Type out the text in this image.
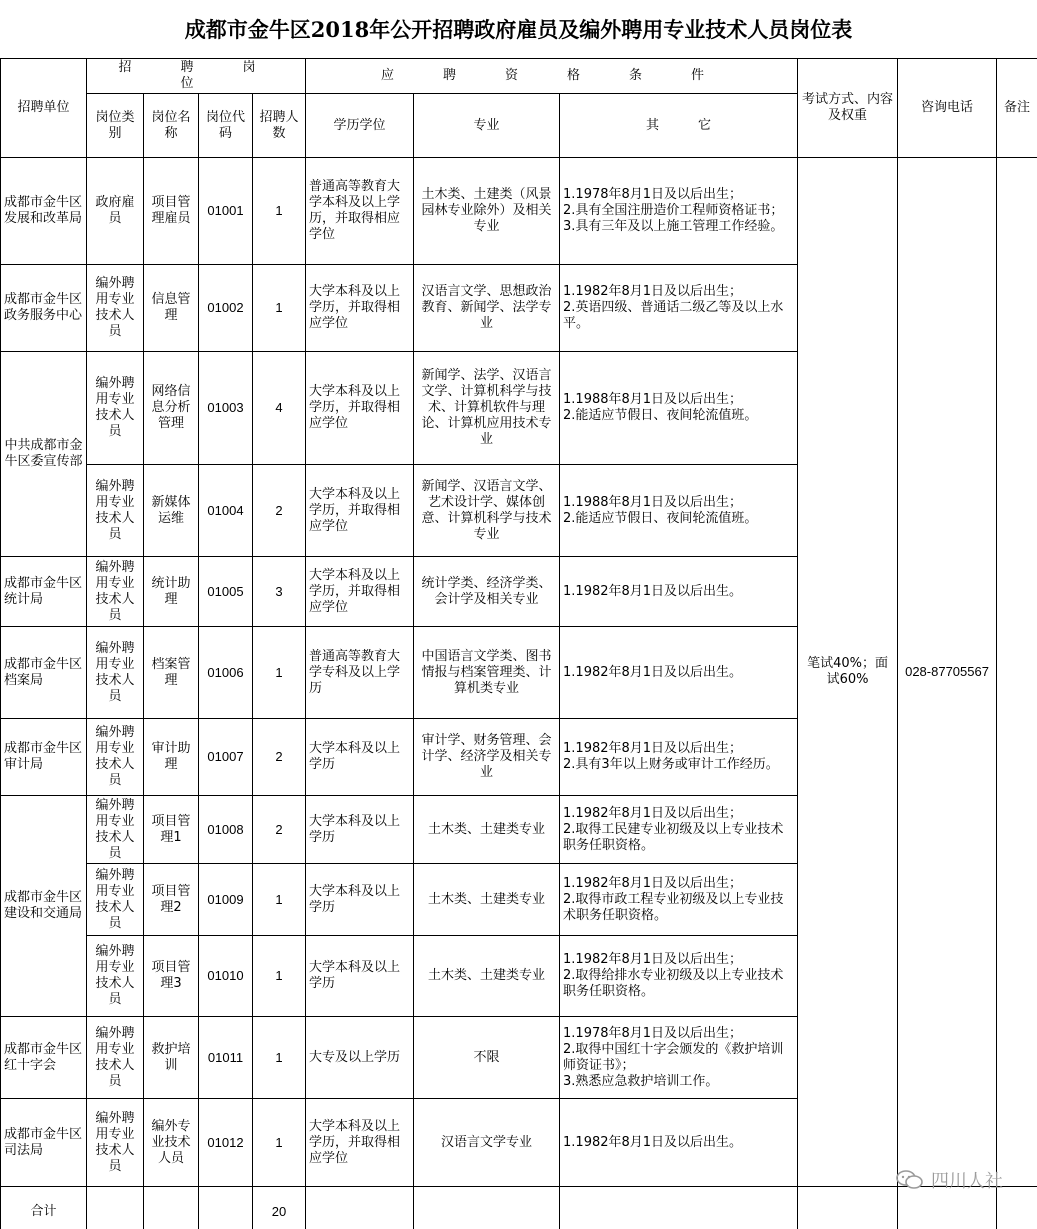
成都市金牛区2018年公开招聘政府雇员及编外聘用专业技术人员岗位表
招聘单位	招　聘　岗　位				应　聘　资　格　条　件			考试方式、内容及权重	咨询电话	备注
	岗位类别	岗位名称	岗位代码	招聘人数	学历学位	专业	其　　　它			
成都市金牛区发展和改革局	政府雇员	项目管理雇员	01001	1	普通高等教育大学本科及以上学历，并取得相应学位	土木类、土建类（风景园林专业除外）及相关专业	1.1978年8月1日及以后出生；
2.具有全国注册造价工程师资格证书；
3.具有三年及以上施工管理工作经验。	笔试40%；面试60%	028-87705567	
成都市金牛区政务服务中心	编外聘用专业技术人员	信息管理	01002	1	大学本科及以上学历，并取得相应学位	汉语言文学、思想政治教育、新闻学、法学专业	1.1982年8月1日及以后出生；
2.英语四级、普通话二级乙等及以上水平。			
中共成都市金牛区委宣传部	编外聘用专业技术人员	网络信息分析管理	01003	4	大学本科及以上学历，并取得相应学位	新闻学、法学、汉语言文学、计算机科学与技术、计算机软件与理论、计算机应用技术专业	1.1988年8月1日及以后出生；
2.能适应节假日、夜间轮流值班。			
	编外聘用专业技术人员	新媒体运维	01004	2	大学本科及以上学历，并取得相应学位	新闻学、汉语言文学、艺术设计学、媒体创意、计算机科学与技术专业	1.1988年8月1日及以后出生；
2.能适应节假日、夜间轮流值班。			
成都市金牛区统计局	编外聘用专业技术人员	统计助理	01005	3	大学本科及以上学历，并取得相应学位	统计学类、经济学类、会计学及相关专业	1.1982年8月1日及以后出生。			
成都市金牛区档案局	编外聘用专业技术人员	档案管理	01006	1	普通高等教育大学专科及以上学历	中国语言文学类、图书情报与档案管理类、计算机类专业	1.1982年8月1日及以后出生。			
成都市金牛区审计局	编外聘用专业技术人员	审计助理	01007	2	大学本科及以上学历	审计学、财务管理、会计学、经济学及相关专业	1.1982年8月1日及以后出生；
2.具有3年以上财务或审计工作经历。			
成都市金牛区建设和交通局	编外聘用专业技术人员	项目管理1	01008	2	大学本科及以上学历	土木类、土建类专业	1.1982年8月1日及以后出生；
2.取得工民建专业初级及以上专业技术职务任职资格。			
	编外聘用专业技术人员	项目管理2	01009	1	大学本科及以上学历	土木类、土建类专业	1.1982年8月1日及以后出生；
2.取得市政工程专业初级及以上专业技术职务任职资格。			
	编外聘用专业技术人员	项目管理3	01010	1	大学本科及以上学历	土木类、土建类专业	1.1982年8月1日及以后出生；
2.取得给排水专业初级及以上专业技术职务任职资格。			
成都市金牛区红十字会	编外聘用专业技术人员	救护培训	01011	1	大专及以上学历	不限	1.1978年8月1日及以后出生；
2.取得中国红十字会颁发的《救护培训师资证书》；
3.熟悉应急救护培训工作。			
成都市金牛区司法局	编外聘用专业技术人员	编外专业技术人员	01012	1	大学本科及以上学历，并取得相应学位	汉语言文学专业	1.1982年8月1日及以后出生。			
合计				20						
四川人社
